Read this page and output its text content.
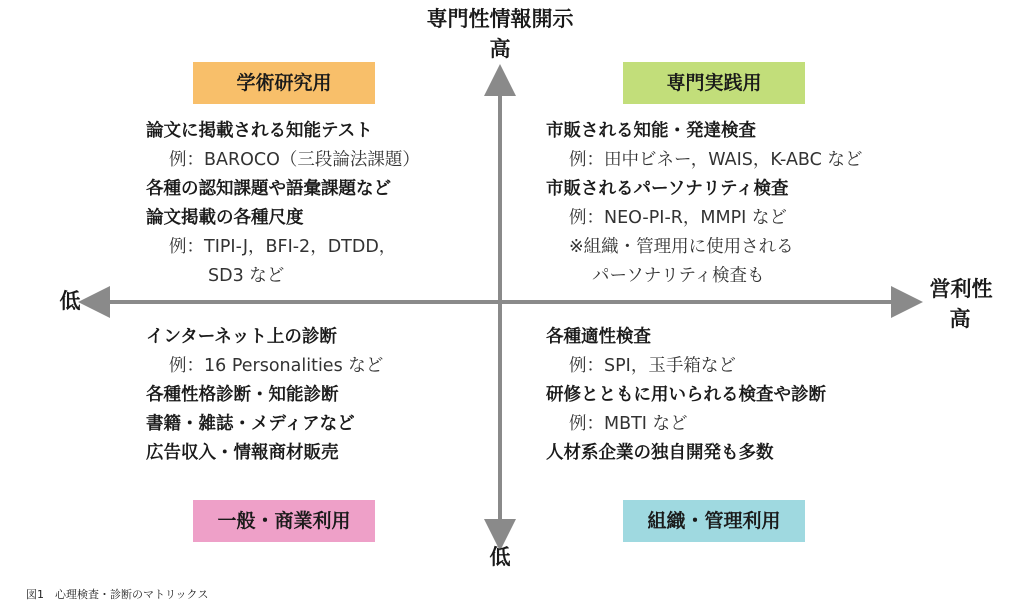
専門性情報開示
高
低
低	営利性
高
学術研究用	専門実践用
一般・商業利用	組織・管理利用
論文に掲載される知能テスト
例：BAROCO（三段論法課題）
各種の認知課題や語彙課題など
論文掲載の各種尺度
例：TIPI-J，BFI-2，DTDD，
SD3 など
市販される知能・発達検査
例：田中ビネー，WAIS，K-ABC など
市販されるパーソナリティ検査
例：NEO-PI-R，MMPI など
※組織・管理用に使用される
パーソナリティ検査も
インターネット上の診断
例：16 Personalities など
各種性格診断・知能診断
書籍・雑誌・メディアなど
広告収入・情報商材販売
各種適性検査
例：SPI，玉手箱など
研修とともに用いられる検査や診断
例：MBTI など
人材系企業の独自開発も多数
図1　心理検査・診断のマトリックス
